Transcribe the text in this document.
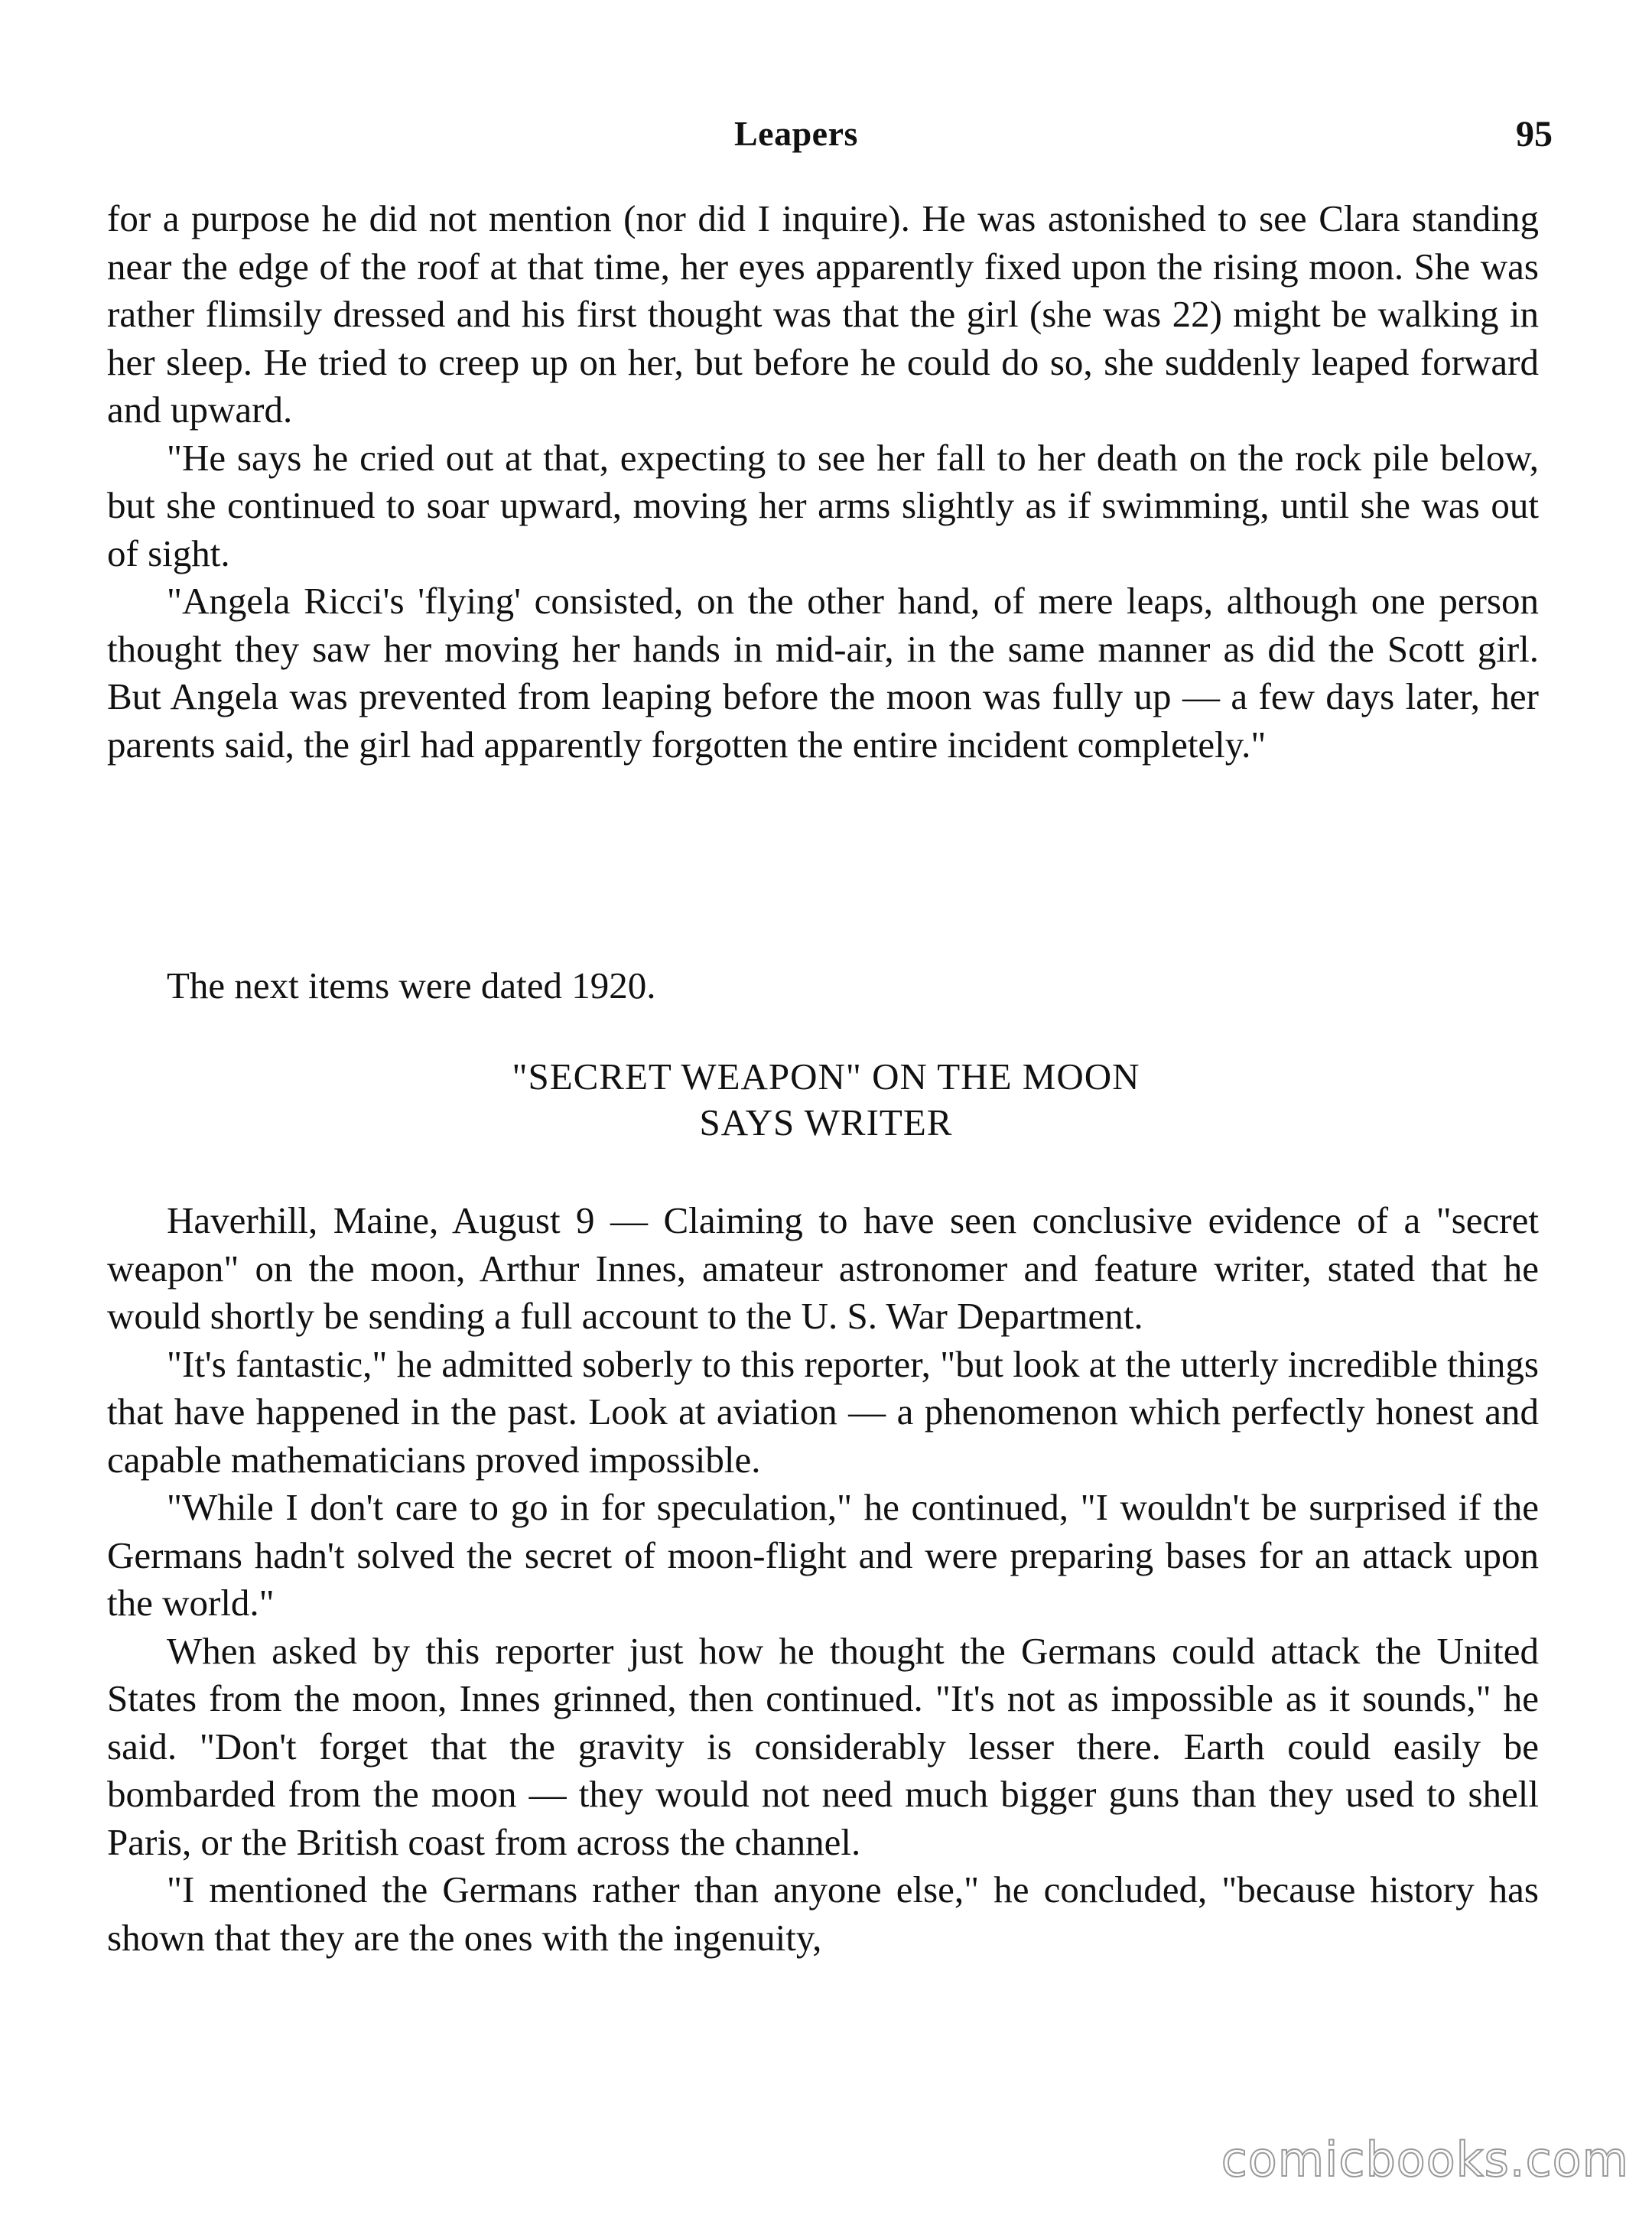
Leapers	95

for a purpose he did not mention (nor did I inquire). He was astonished to see Clara standing near the edge of the roof at that time, her eyes apparently fixed upon the rising moon. She was rather flimsily dressed and his first thought was that the girl (she was 22) might be walking in her sleep. He tried to creep up on her, but before he could do so, she suddenly leaped forward and upward.

"He says he cried out at that, expecting to see her fall to her death on the rock pile below, but she continued to soar upward, moving her arms slightly as if swimming, until she was out of sight.

"Angela Ricci's 'flying' consisted, on the other hand, of mere leaps, although one person thought they saw her moving her hands in mid-air, in the same manner as did the Scott girl. But Angela was prevented from leaping before the moon was fully up — a few days later, her parents said, the girl had apparently forgotten the entire incident completely."

The next items were dated 1920.
"SECRET WEAPON" ON THE MOON
SAYS WRITER

Haverhill, Maine, August 9 — Claiming to have seen conclusive evidence of a "secret weapon" on the moon, Arthur Innes, amateur astronomer and feature writer, stated that he would shortly be sending a full account to the U. S. War Department.

"It's fantastic," he admitted soberly to this reporter, "but look at the utterly incredible things that have happened in the past. Look at aviation — a phenomenon which perfectly honest and capable mathematicians proved impossible.

"While I don't care to go in for speculation," he continued, "I wouldn't be surprised if the Germans hadn't solved the secret of moon-flight and were preparing bases for an attack upon the world."

When asked by this reporter just how he thought the Germans could attack the United States from the moon, Innes grinned, then continued. "It's not as impossible as it sounds," he said. "Don't forget that the gravity is considerably lesser there. Earth could easily be bombarded from the moon — they would not need much bigger guns than they used to shell Paris, or the British coast from across the channel.

"I mentioned the Germans rather than anyone else," he concluded, "because history has shown that they are the ones with the ingenuity,

comicbooks.com
